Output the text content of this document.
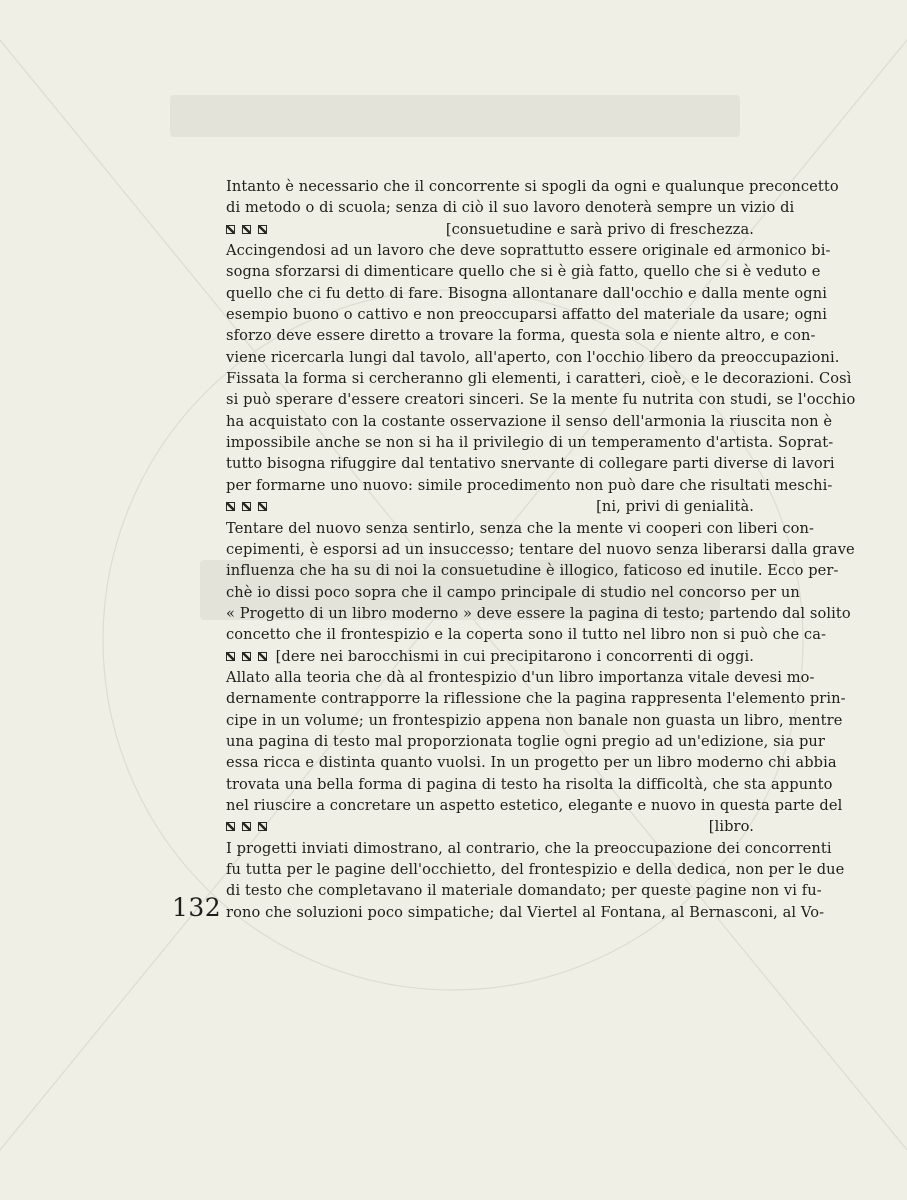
Intanto è necessario che il concorrente si spogli da ogni e qualunque preconcetto
di metodo o di scuola; senza di ciò il suo lavoro denoterà sempre un vizio di
[consuetudine e sarà privo di freschezza.
Accingendosi ad un lavoro che deve soprattutto essere originale ed armonico bi-
sogna sforzarsi di dimenticare quello che si è già fatto, quello che si è veduto e
quello che ci fu detto di fare. Bisogna allontanare dall'occhio e dalla mente ogni
esempio buono o cattivo e non preoccuparsi affatto del materiale da usare; ogni
sforzo deve essere diretto a trovare la forma, questa sola e niente altro, e con-
viene ricercarla lungi dal tavolo, all'aperto, con l'occhio libero da preoccupazioni.
Fissata la forma si cercheranno gli elementi, i caratteri, cioè, e le decorazioni. Così
si può sperare d'essere creatori sinceri. Se la mente fu nutrita con studi, se l'occhio
ha acquistato con la costante osservazione il senso dell'armonia la riuscita non è
impossibile anche se non si ha il privilegio di un temperamento d'artista. Soprat-
tutto bisogna rifuggire dal tentativo snervante di collegare parti diverse di lavori
per formarne uno nuovo: simile procedimento non può dare che risultati meschi-
[ni, privi di genialità.
Tentare del nuovo senza sentirlo, senza che la mente vi cooperi con liberi con-
cepimenti, è esporsi ad un insuccesso; tentare del nuovo senza liberarsi dalla grave
influenza che ha su di noi la consuetudine è illogico, faticoso ed inutile. Ecco per-
chè io dissi poco sopra che il campo principale di studio nel concorso per un
« Progetto di un libro moderno » deve essere la pagina di testo; partendo dal solito
concetto che il frontespizio e la coperta sono il tutto nel libro non si può che ca-
[dere nei barocchismi in cui precipitarono i concorrenti di oggi.
Allato alla teoria che dà al frontespizio d'un libro importanza vitale devesi mo-
dernamente contrapporre la riflessione che la pagina rappresenta l'elemento prin-
cipe in un volume; un frontespizio appena non banale non guasta un libro, mentre
una pagina di testo mal proporzionata toglie ogni pregio ad un'edizione, sia pur
essa ricca e distinta quanto vuolsi. In un progetto per un libro moderno chi abbia
trovata una bella forma di pagina di testo ha risolta la difficoltà, che sta appunto
nel riuscire a concretare un aspetto estetico, elegante e nuovo in questa parte del
[libro.
I progetti inviati dimostrano, al contrario, che la preoccupazione dei concorrenti
fu tutta per le pagine dell'occhietto, del frontespizio e della dedica, non per le due
di testo che completavano il materiale domandato; per queste pagine non vi fu-
rono che soluzioni poco simpatiche; dal Viertel al Fontana, al Bernasconi, al Vo-
132
